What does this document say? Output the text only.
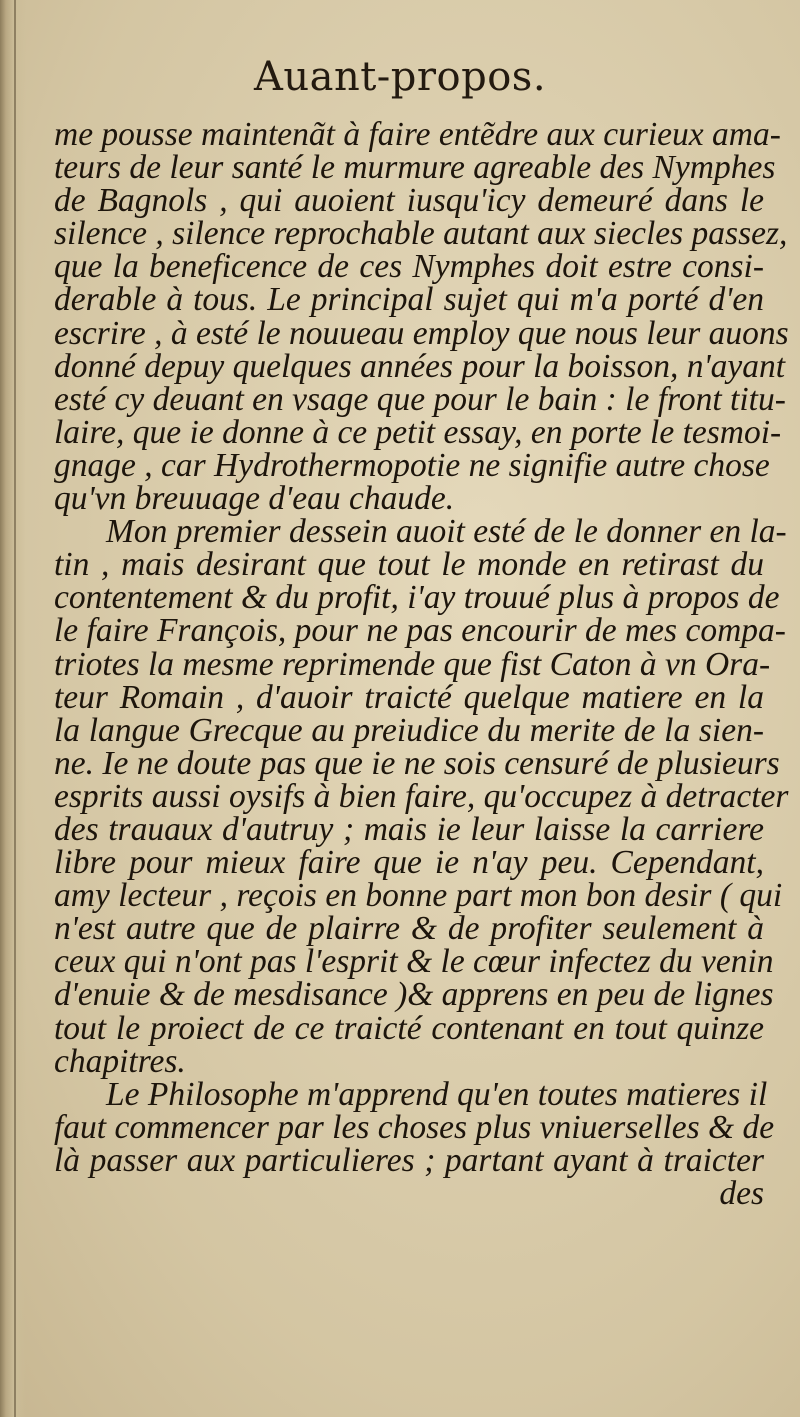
Auant-propos.
me pousse maintenãt à faire entẽdre aux curieux ama-
teurs de leur santé le murmure agreable des Nymphes
de Bagnols , qui auoient iusqu'icy demeuré dans le
silence , silence reprochable autant aux siecles passez,
que la beneficence de ces Nymphes doit estre consi-
derable à tous. Le principal sujet qui m'a porté d'en
escrire , à esté le nouueau employ que nous leur auons
donné depuy quelques années pour la boisson, n'ayant
esté cy deuant en vsage que pour le bain : le front titu-
laire, que ie donne à ce petit essay, en porte le tesmoi-
gnage , car Hydrothermopotie ne signifie autre chose
qu'vn breuuage d'eau chaude.
Mon premier dessein auoit esté de le donner en la-
tin , mais desirant que tout le monde en retirast du
contentement & du profit, i'ay trouué plus à propos de
le faire François, pour ne pas encourir de mes compa-
triotes la mesme reprimende que fist Caton à vn Ora-
teur Romain , d'auoir traicté quelque matiere en la
la langue Grecque au preiudice du merite de la sien-
ne. Ie ne doute pas que ie ne sois censuré de plusieurs
esprits aussi oysifs à bien faire, qu'occupez à detracter
des trauaux d'autruy ; mais ie leur laisse la carriere
libre pour mieux faire que ie n'ay peu. Cependant,
amy lecteur , reçois en bonne part mon bon desir ( qui
n'est autre que de plairre & de profiter seulement à
ceux qui n'ont pas l'esprit & le cœur infectez du venin
d'enuie & de mesdisance )& apprens en peu de lignes
tout le proiect de ce traicté contenant en tout quinze
chapitres.
Le Philosophe m'apprend qu'en toutes matieres il
faut commencer par les choses plus vniuerselles & de
là passer aux particulieres ; partant ayant à traicter
des
